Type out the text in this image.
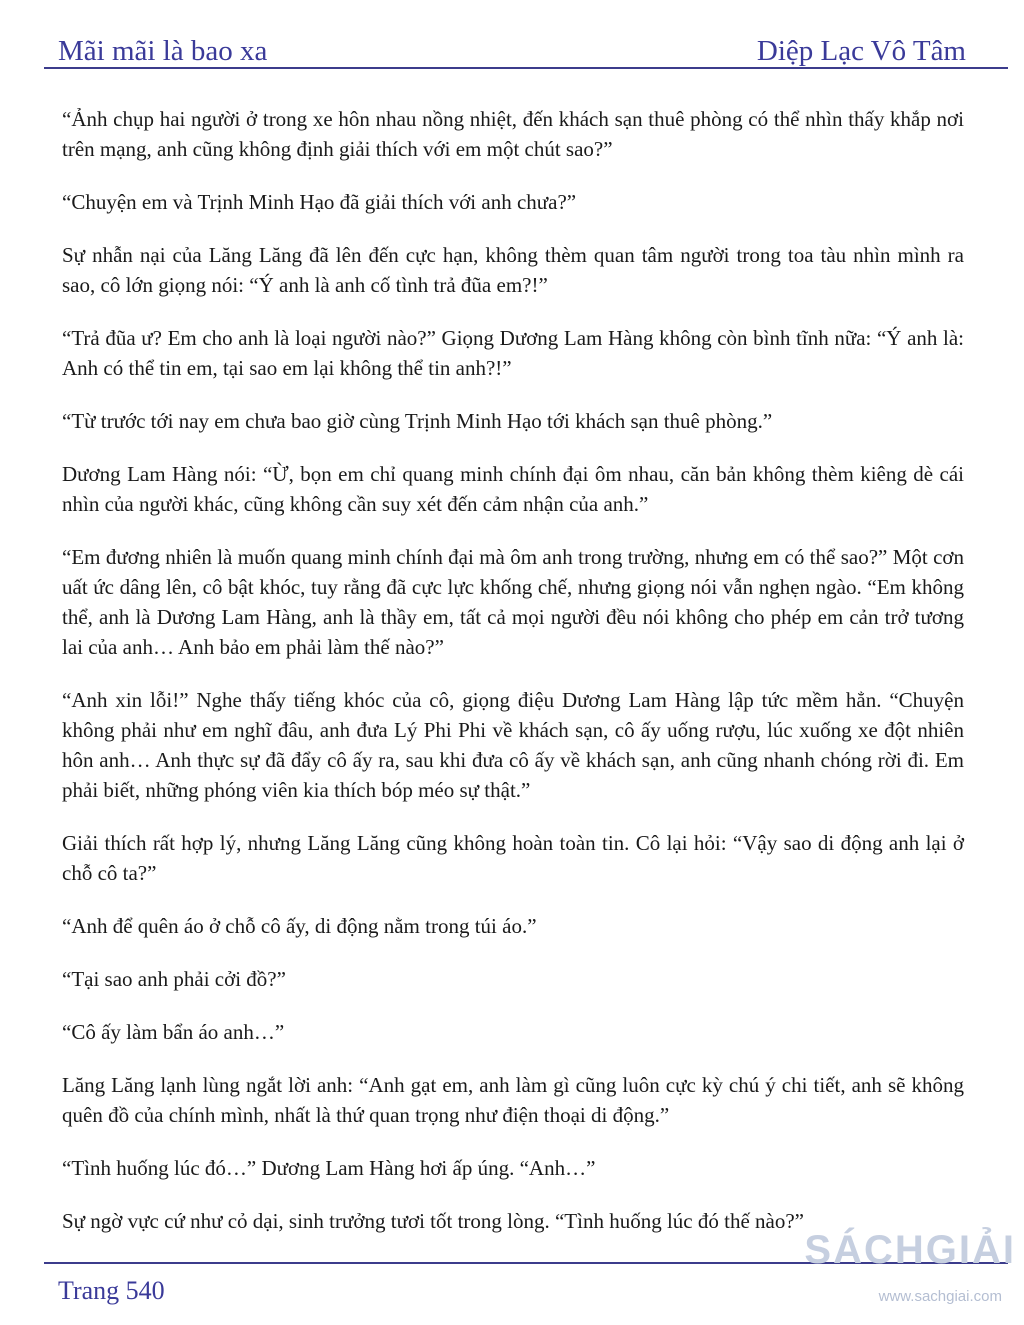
Mãi mãi là bao xa	Diệp Lạc Vô Tâm

“Ảnh chụp hai người ở trong xe hôn nhau nồng nhiệt, đến khách sạn thuê phòng có thể nhìn thấy khắp nơi trên mạng, anh cũng không định giải thích với em một chút sao?”

“Chuyện em và Trịnh Minh Hạo đã giải thích với anh chưa?”

Sự nhẫn nại của Lăng Lăng đã lên đến cực hạn, không thèm quan tâm người trong toa tàu nhìn mình ra sao, cô lớn giọng nói: “Ý anh là anh cố tình trả đũa em?!”

“Trả đũa ư? Em cho anh là loại người nào?” Giọng Dương Lam Hàng không còn bình tĩnh nữa: “Ý anh là: Anh có thể tin em, tại sao em lại không thể tin anh?!”

“Từ trước tới nay em chưa bao giờ cùng Trịnh Minh Hạo tới khách sạn thuê phòng.”

Dương Lam Hàng nói: “Ừ, bọn em chỉ quang minh chính đại ôm nhau, căn bản không thèm kiêng dè cái nhìn của người khác, cũng không cần suy xét đến cảm nhận của anh.”

“Em đương nhiên là muốn quang minh chính đại mà ôm anh trong trường, nhưng em có thể sao?” Một cơn uất ức dâng lên, cô bật khóc, tuy rằng đã cực lực khống chế, nhưng giọng nói vẫn nghẹn ngào. “Em không thể, anh là Dương Lam Hàng, anh là thầy em, tất cả mọi người đều nói không cho phép em cản trở tương lai của anh… Anh bảo em phải làm thế nào?”

“Anh xin lỗi!” Nghe thấy tiếng khóc của cô, giọng điệu Dương Lam Hàng lập tức mềm hẳn. “Chuyện không phải như em nghĩ đâu, anh đưa Lý Phi Phi về khách sạn, cô ấy uống rượu, lúc xuống xe đột nhiên hôn anh… Anh thực sự đã đẩy cô ấy ra, sau khi đưa cô ấy về khách sạn, anh cũng nhanh chóng rời đi. Em phải biết, những phóng viên kia thích bóp méo sự thật.”

Giải thích rất hợp lý, nhưng Lăng Lăng cũng không hoàn toàn tin. Cô lại hỏi: “Vậy sao di động anh lại ở chỗ cô ta?”

“Anh để quên áo ở chỗ cô ấy, di động nằm trong túi áo.”

“Tại sao anh phải cởi đồ?”

“Cô ấy làm bẩn áo anh…”

Lăng Lăng lạnh lùng ngắt lời anh: “Anh gạt em, anh làm gì cũng luôn cực kỳ chú ý chi tiết, anh sẽ không quên đồ của chính mình, nhất là thứ quan trọng như điện thoại di động.”

“Tình huống lúc đó…” Dương Lam Hàng hơi ấp úng. “Anh…”

Sự ngờ vực cứ như cỏ dại, sinh trưởng tươi tốt trong lòng. “Tình huống lúc đó thế nào?”

Trang 540
SÁCHGIẢI
www.sachgiai.com
